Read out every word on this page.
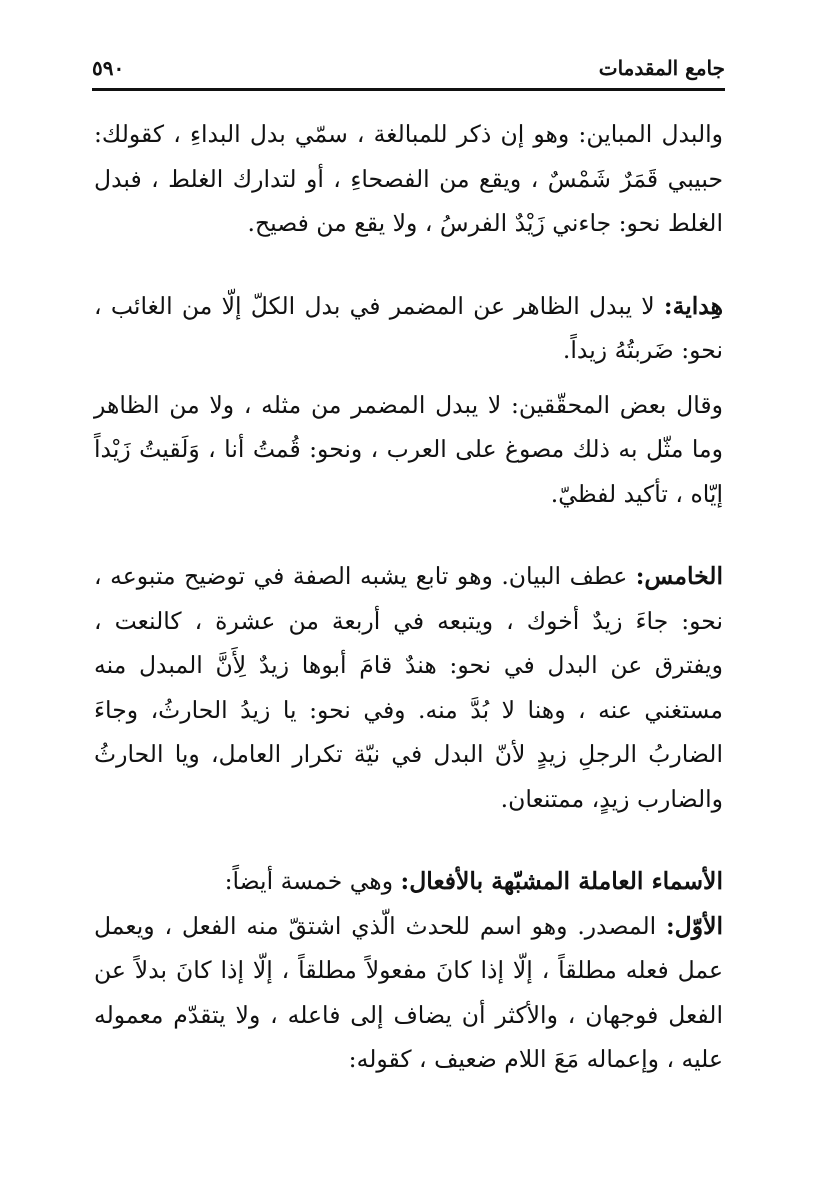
جامع المقدمات
٥٩٠

والبدل المباين: وهو إن ذكر للمبالغة ، سمّي بدل البداءِ ، كقولك: حبيبي قَمَرٌ شَمْسٌ ، ويقع من الفصحاءِ ، أو لتدارك الغلط ، فبدل الغلط نحو: جاءني زَيْدٌ الفرسُ ، ولا يقع من فصيح.

هِداية: لا يبدل الظاهر عن المضمر في بدل الكلّ إلّا من الغائب ، نحو: ضَربتُهُ زيداً.

وقال بعض المحقّقين: لا يبدل المضمر من مثله ، ولا من الظاهر وما مثّل به ذلك مصوغ على العرب ، ونحو: قُمتُ أنا ، وَلَقيتُ زَيْداً إيّاه ، تأكيد لفظيّ.

الخامس: عطف البيان. وهو تابع يشبه الصفة في توضيح متبوعه ، نحو: جاءَ زيدٌ أخوك ، ويتبعه في أربعة من عشرة ، كالنعت ، ويفترق عن البدل في نحو: هندٌ قامَ أبوها زيدٌ لِأَنَّ المبدل منه مستغني عنه ، وهنا لا بُدَّ منه. وفي نحو: يا زيدُ الحارثُ، وجاءَ الضاربُ الرجلِ زيدٍ لأنّ البدل في نيّة تكرار العامل، ويا الحارثُ والضارب زيدٍ، ممتنعان.

الأسماء العاملة المشبّهة بالأفعال: وهي خمسة أيضاً:

الأوّل: المصدر. وهو اسم للحدث الّذي اشتقّ منه الفعل ، ويعمل عمل فعله مطلقاً ، إلّا إذا كانَ مفعولاً مطلقاً ، إلّا إذا كانَ بدلاً عن الفعل فوجهان ، والأكثر أن يضاف إلى فاعله ، ولا يتقدّم معموله عليه ، وإعماله مَعَ اللام ضعيف ، كقوله:
